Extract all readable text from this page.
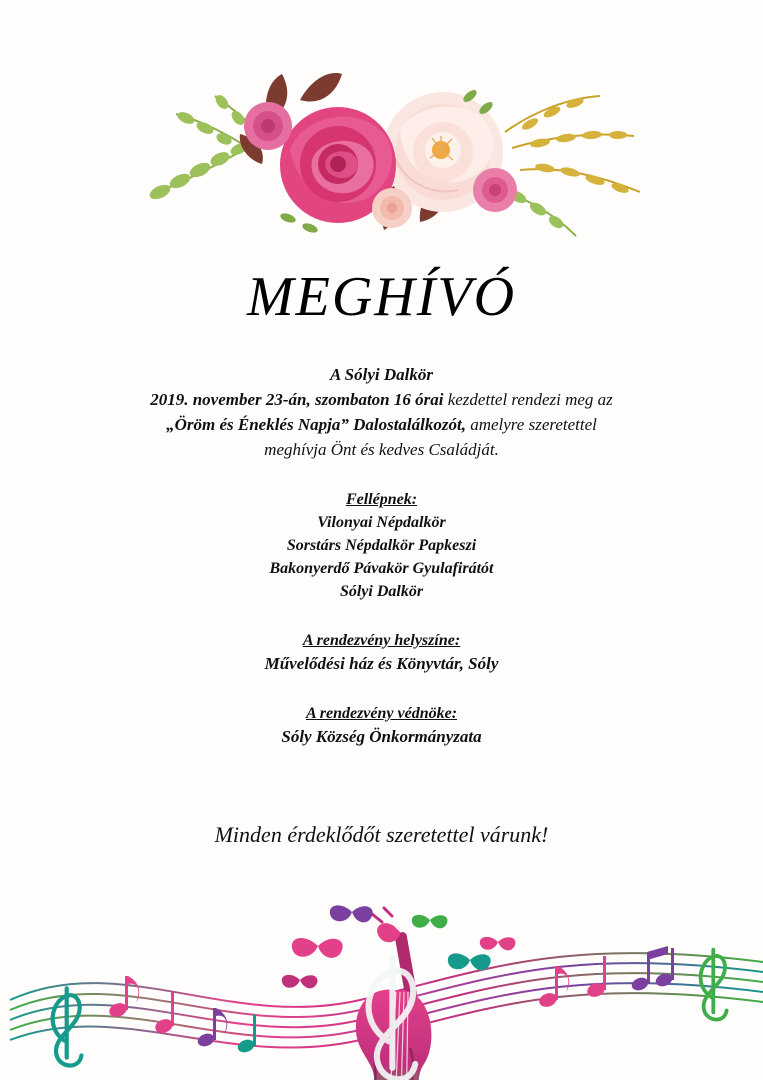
MEGHÍVÓ
A Sólyi Dalkör
2019. november 23-án, szombaton 16 órai kezdettel rendezi meg az
„Öröm és Éneklés Napja” Dalostalálkozót, amelyre szeretettel
meghívja Önt és kedves Családját.
Fellépnek:
Vilonyai Népdalkör
Sorstárs Népdalkör Papkeszi
Bakonyerdő Pávakör Gyulafirátót
Sólyi Dalkör
A rendezvény helyszíne:
Művelődési ház és Könyvtár, Sóly
A rendezvény védnöke:
Sóly Község Önkormányzata
Minden érdeklődőt szeretettel várunk!
